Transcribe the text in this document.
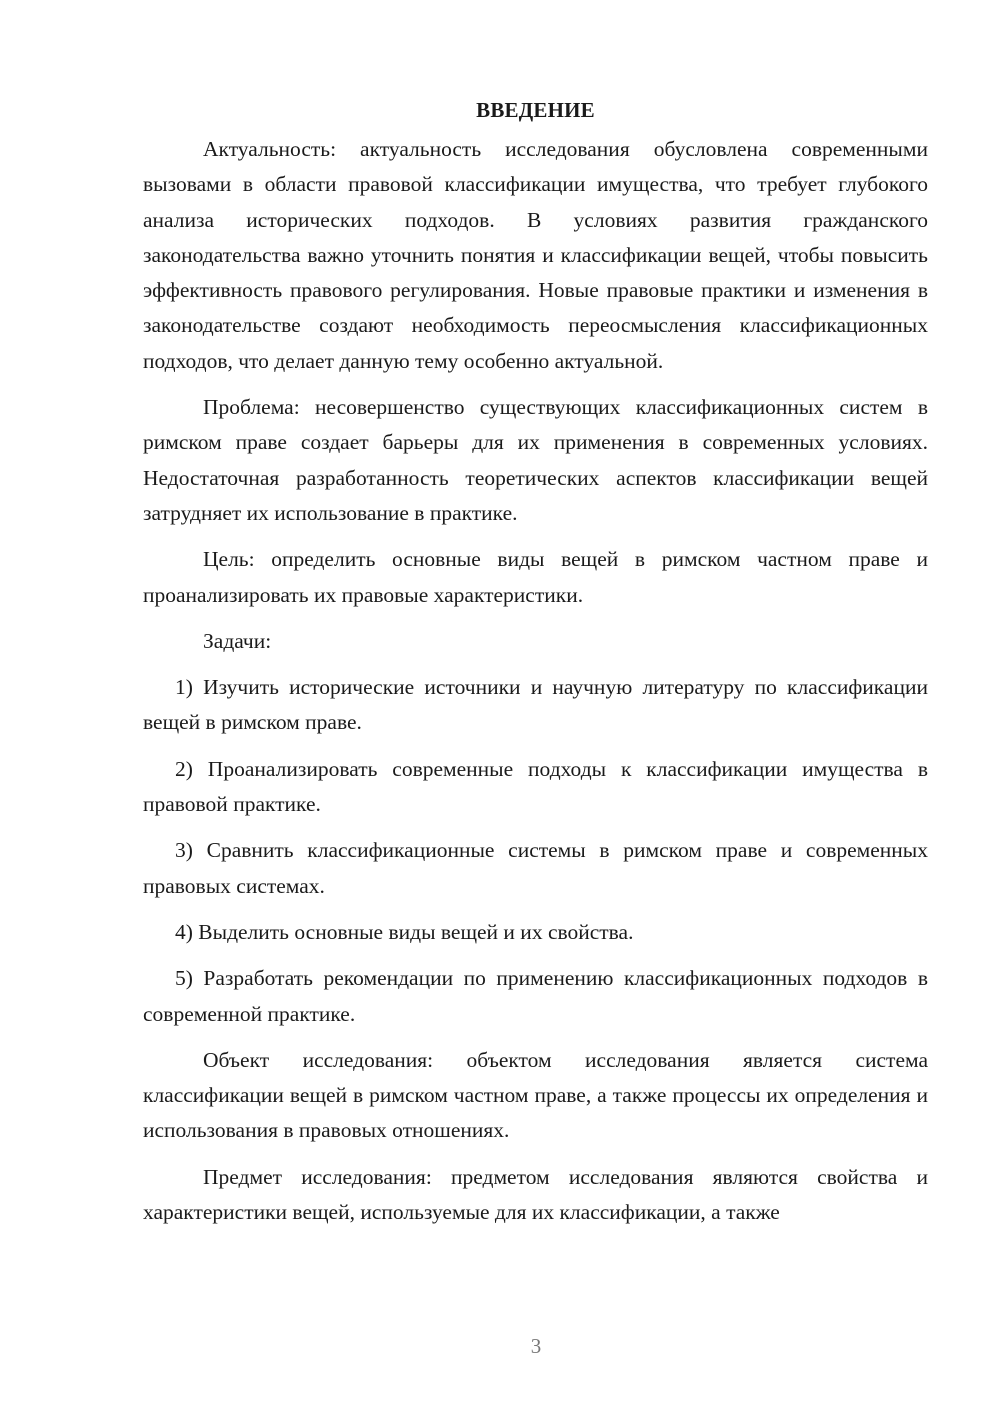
ВВЕДЕНИЕ

Актуальность: актуальность исследования обусловлена современными вызовами в области правовой классификации имущества, что требует глубокого анализа исторических подходов. В условиях развития гражданского законодательства важно уточнить понятия и классификации вещей, чтобы повысить эффективность правового регулирования. Новые правовые практики и изменения в законодательстве создают необходимость переосмысления классификационных подходов, что делает данную тему особенно актуальной.

Проблема: несовершенство существующих классификационных систем в римском праве создает барьеры для их применения в современных условиях. Недостаточная разработанность теоретических аспектов классификации вещей затрудняет их использование в практике.

Цель: определить основные виды вещей в римском частном праве и проанализировать их правовые характеристики.

Задачи:

1) Изучить исторические источники и научную литературу по классификации вещей в римском праве.

2) Проанализировать современные подходы к классификации имущества в правовой практике.

3) Сравнить классификационные системы в римском праве и современных правовых системах.

4) Выделить основные виды вещей и их свойства.

5) Разработать рекомендации по применению классификационных подходов в современной практике.

Объект исследования: объектом исследования является система классификации вещей в римском частном праве, а также процессы их определения и использования в правовых отношениях.

Предмет исследования: предметом исследования являются свойства и характеристики вещей, используемые для их классификации, а также

3
